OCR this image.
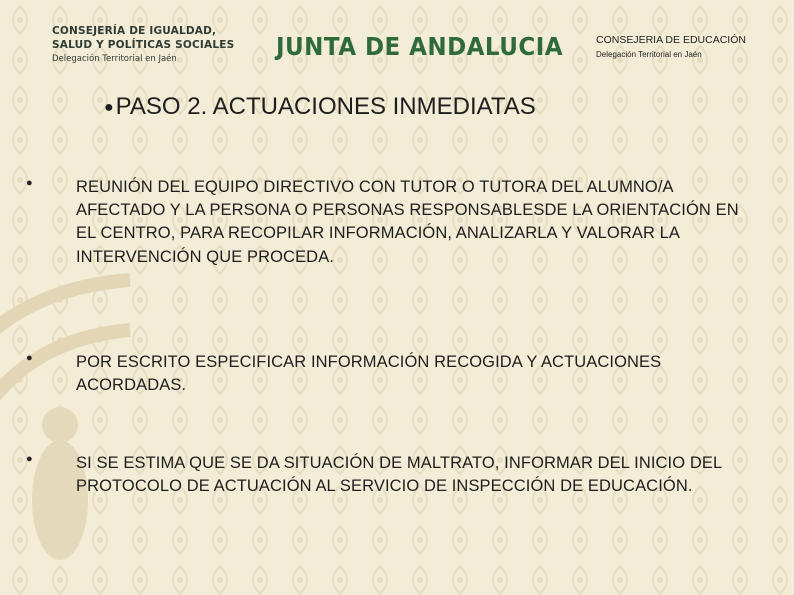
CONSEJERÍA DE IGUALDAD,
SALUD Y POLÍTICAS SOCIALES
Delegación Territorial en Jaén	JUNTA DE ANDALUCIA	CONSEJERIA DE EDUCACIÓN
Delegación Territorial en Jaén
●PASO 2. ACTUACIONES INMEDIATAS
●	REUNIÓN DEL EQUIPO DIRECTIVO CON TUTOR O TUTORA DEL ALUMNO/A AFECTADO Y LA PERSONA O PERSONAS RESPONSABLESDE LA ORIENTACIÓN EN EL CENTRO, PARA RECOPILAR INFORMACIÓN, ANALIZARLA Y VALORAR LA INTERVENCIÓN QUE PROCEDA.
●	POR ESCRITO ESPECIFICAR INFORMACIÓN RECOGIDA Y ACTUACIONES ACORDADAS.
●	SI SE ESTIMA QUE SE DA SITUACIÓN DE MALTRATO, INFORMAR DEL INICIO DEL PROTOCOLO DE ACTUACIÓN AL SERVICIO DE INSPECCIÓN DE EDUCACIÓN.
